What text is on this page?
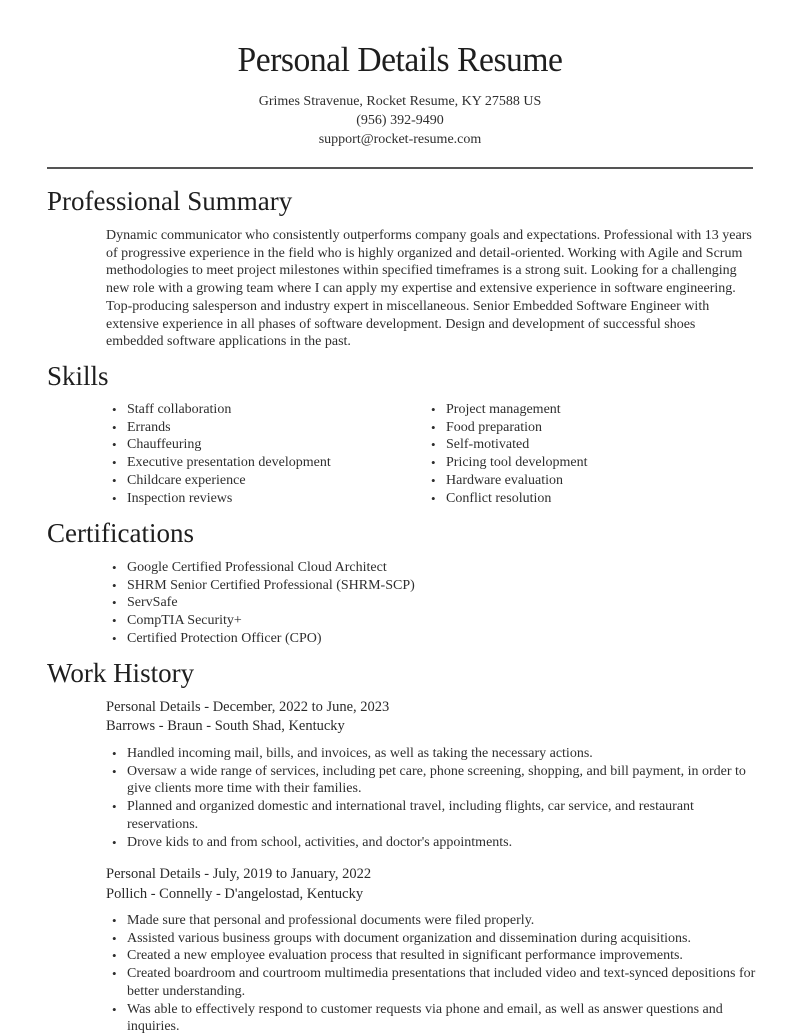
Personal Details Resume
Grimes Stravenue, Rocket Resume, KY 27588 US
(956) 392-9490
support@rocket-resume.com
Professional Summary

Dynamic communicator who consistently outperforms company goals and expectations. Professional with 13 years of progressive experience in the field who is highly organized and detail-oriented. Working with Agile and Scrum methodologies to meet project milestones within specified timeframes is a strong suit. Looking for a challenging new role with a growing team where I can apply my expertise and extensive experience in software engineering. Top-producing salesperson and industry expert in miscellaneous. Senior Embedded Software Engineer with extensive experience in all phases of software development. Design and development of successful shoes embedded software applications in the past.

Skills
• Staff collaboration
• Errands
• Chauffeuring
• Executive presentation development
• Childcare experience
• Inspection reviews
• Project management
• Food preparation
• Self-motivated
• Pricing tool development
• Hardware evaluation
• Conflict resolution
Certifications
• Google Certified Professional Cloud Architect
• SHRM Senior Certified Professional (SHRM-SCP)
• ServSafe
• CompTIA Security+
• Certified Protection Officer (CPO)
Work History
Personal Details - December, 2022 to June, 2023
Barrows - Braun - South Shad, Kentucky
• Handled incoming mail, bills, and invoices, as well as taking the necessary actions.
• Oversaw a wide range of services, including pet care, phone screening, shopping, and bill payment, in order to give clients more time with their families.
• Planned and organized domestic and international travel, including flights, car service, and restaurant reservations.
• Drove kids to and from school, activities, and doctor's appointments.
Personal Details - July, 2019 to January, 2022
Pollich - Connelly - D'angelostad, Kentucky
• Made sure that personal and professional documents were filed properly.
• Assisted various business groups with document organization and dissemination during acquisitions.
• Created a new employee evaluation process that resulted in significant performance improvements.
• Created boardroom and courtroom multimedia presentations that included video and text-synced depositions for better understanding.
• Was able to effectively respond to customer requests via phone and email, as well as answer questions and inquiries.
